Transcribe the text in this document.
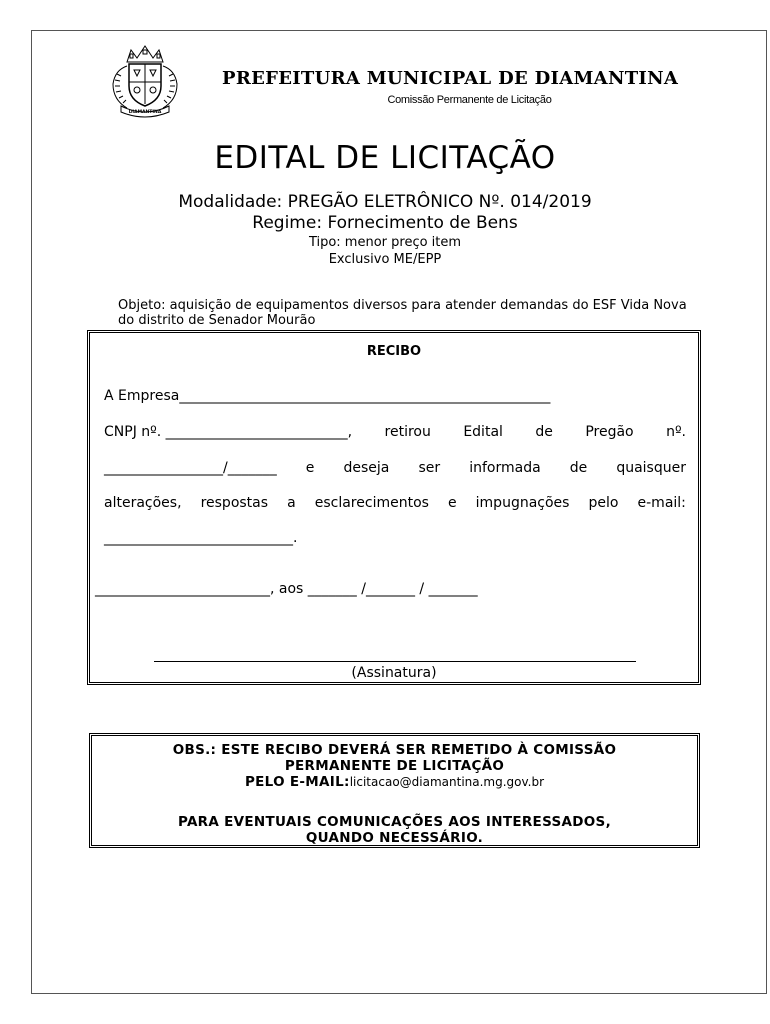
DIAMANTINA
PREFEITURA MUNICIPAL DE DIAMANTINA
Comissão Permanente de Licitação
EDITAL DE LICITAÇÃO
Modalidade: PREGÃO ELETRÔNICO Nº. 014/2019
Regime: Fornecimento de Bens
Tipo: menor preço item
Exclusivo ME/EPP
Objeto: aquisição de equipamentos diversos para atender demandas do ESF Vida Nova do distrito de Senador Mourão
RECIBO
A Empresa_____________________________________________________
CNPJ nº. __________________________, retirou Edital de Pregão nº.
_________________/_______ e deseja ser informada de quaisquer
alterações, respostas a esclarecimentos e impugnações pelo e-mail:
___________________________.
_________________________, aos _______ /_______ / _______
(Assinatura)
OBS.: ESTE RECIBO DEVERÁ SER REMETIDO À COMISSÃO
PERMANENTE DE LICITAÇÃO
PELO E-MAIL:licitacao@diamantina.mg.gov.br
PARA EVENTUAIS COMUNICAÇÕES AOS INTERESSADOS,
QUANDO NECESSÁRIO.
